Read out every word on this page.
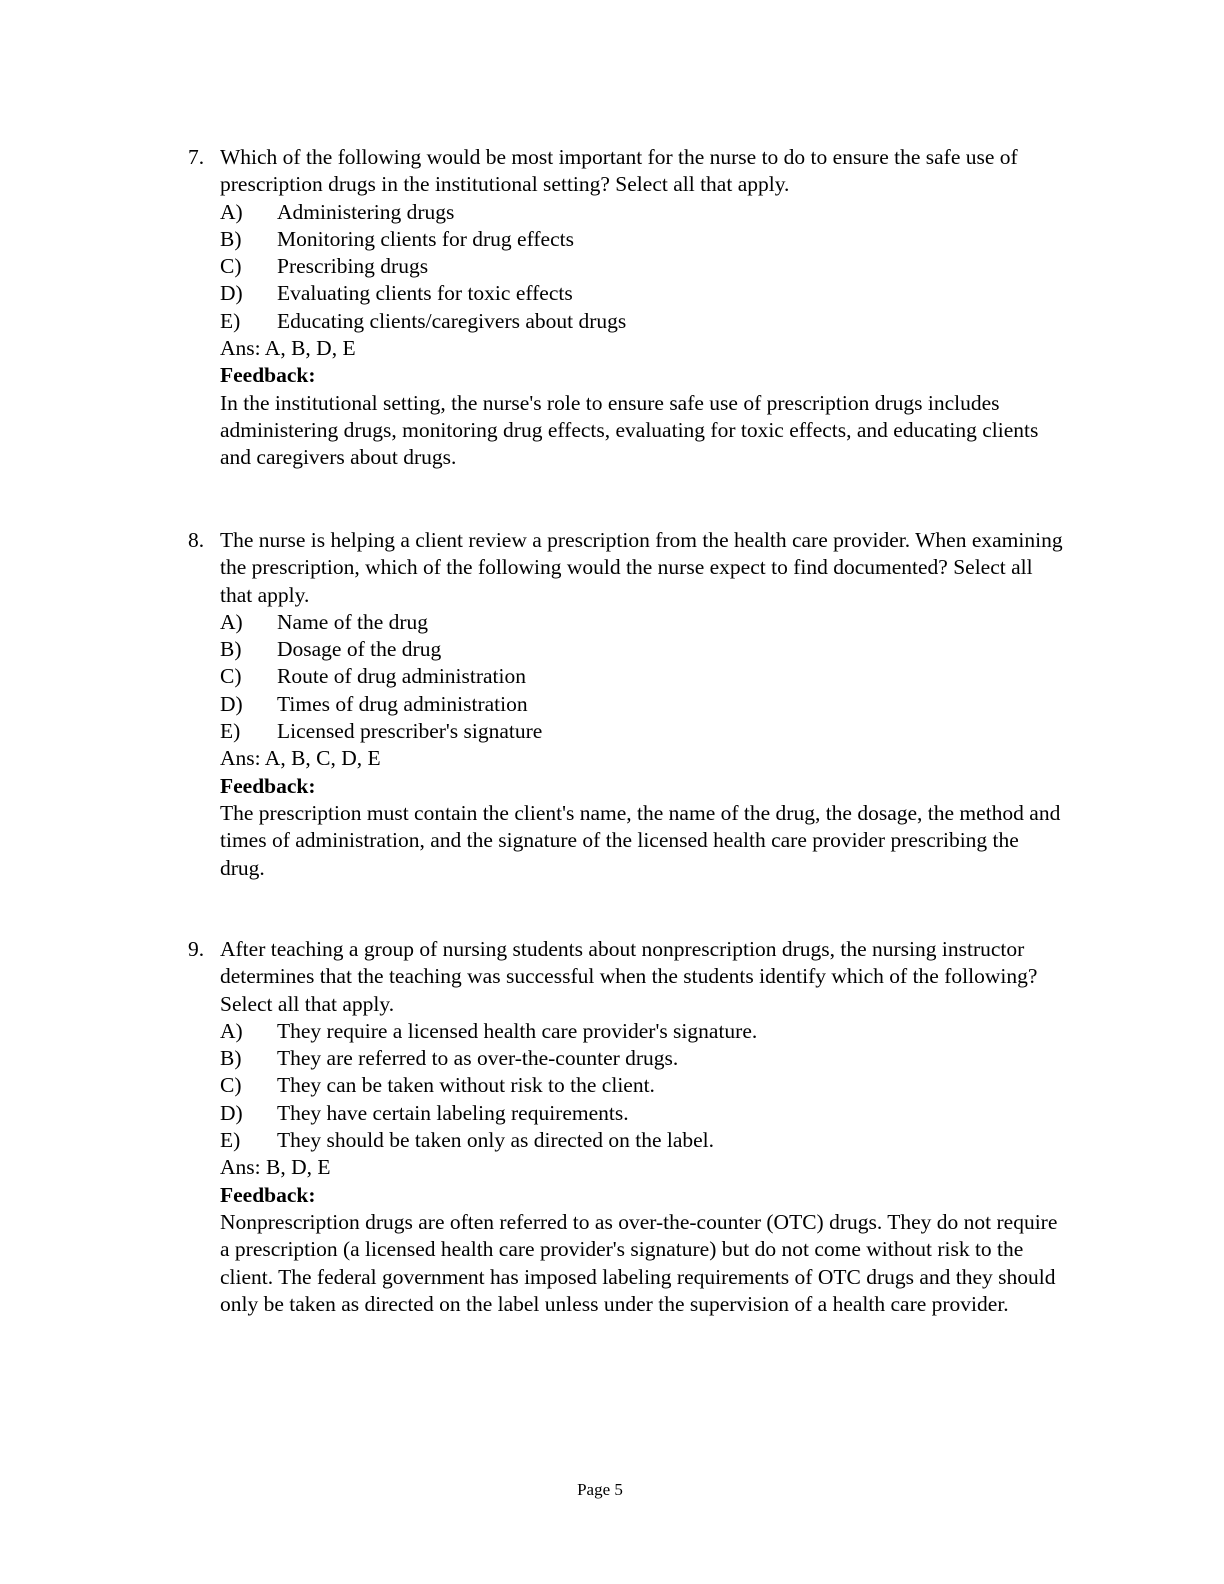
7. Which of the following would be most important for the nurse to do to ensure the safe use of prescription drugs in the institutional setting? Select all that apply.
A) Administering drugs
B) Monitoring clients for drug effects
C) Prescribing drugs
D) Evaluating clients for toxic effects
E) Educating clients/caregivers about drugs
Ans: A, B, D, E
Feedback:
In the institutional setting, the nurse's role to ensure safe use of prescription drugs includes administering drugs, monitoring drug effects, evaluating for toxic effects, and educating clients and caregivers about drugs.
8. The nurse is helping a client review a prescription from the health care provider. When examining the prescription, which of the following would the nurse expect to find documented? Select all that apply.
A) Name of the drug
B) Dosage of the drug
C) Route of drug administration
D) Times of drug administration
E) Licensed prescriber's signature
Ans: A, B, C, D, E
Feedback:
The prescription must contain the client's name, the name of the drug, the dosage, the method and times of administration, and the signature of the licensed health care provider prescribing the drug.
9. After teaching a group of nursing students about nonprescription drugs, the nursing instructor determines that the teaching was successful when the students identify which of the following? Select all that apply.
A) They require a licensed health care provider's signature.
B) They are referred to as over-the-counter drugs.
C) They can be taken without risk to the client.
D) They have certain labeling requirements.
E) They should be taken only as directed on the label.
Ans: B, D, E
Feedback:
Nonprescription drugs are often referred to as over-the-counter (OTC) drugs. They do not require a prescription (a licensed health care provider's signature) but do not come without risk to the client. The federal government has imposed labeling requirements of OTC drugs and they should only be taken as directed on the label unless under the supervision of a health care provider.
Page 5
